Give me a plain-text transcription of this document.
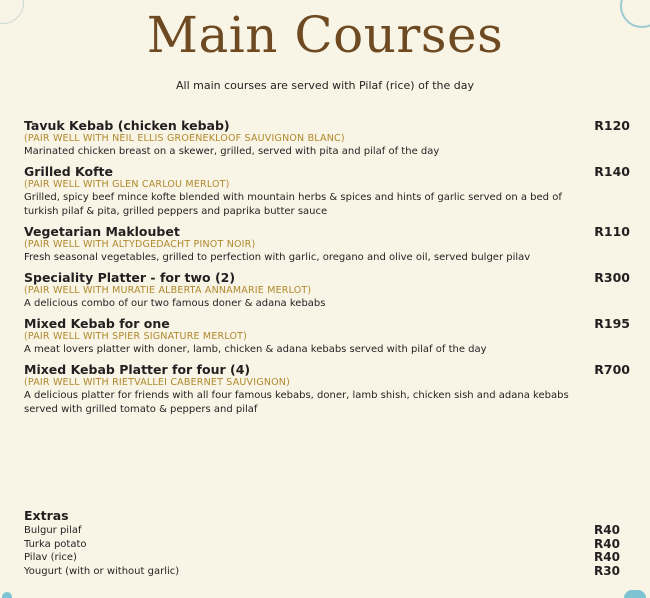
Main Courses
All main courses are served with Pilaf (rice) of the day
Tavuk Kebab (chicken kebab)	R120
(PAIR WELL WITH NEIL ELLIS GROENEKLOOF SAUVIGNON BLANC)
Marinated chicken breast on a skewer, grilled, served with pita and pilaf of the day
Grilled Kofte	R140
(PAIR WELL WITH GLEN CARLOU MERLOT)
Grilled, spicy beef mince kofte blended with mountain herbs & spices and hints of garlic served on a bed of turkish pilaf & pita, grilled peppers and paprika butter sauce
Vegetarian Makloubet	R110
(PAIR WELL WITH ALTYDGEDACHT PINOT NOIR)
Fresh seasonal vegetables, grilled to perfection with garlic, oregano and olive oil, served bulger pilav
Speciality Platter - for two (2)	R300
(PAIR WELL WITH MURATIE ALBERTA ANNAMARIE MERLOT)
A delicious combo of our two famous doner & adana kebabs
Mixed Kebab for one	R195
(PAIR WELL WITH SPIER SIGNATURE MERLOT)
A meat lovers platter with doner, lamb, chicken & adana kebabs served with pilaf of the day
Mixed Kebab Platter for four (4)	R700
(PAIR WELL WITH RIETVALLEI CABERNET SAUVIGNON)
A delicious platter for friends with all four famous kebabs, doner, lamb shish, chicken sish and adana kebabs served with grilled tomato & peppers and pilaf
Extras
Bulgur pilaf	R40
Turka potato	R40
Pilav (rice)	R40
Yougurt (with or without garlic)	R30
